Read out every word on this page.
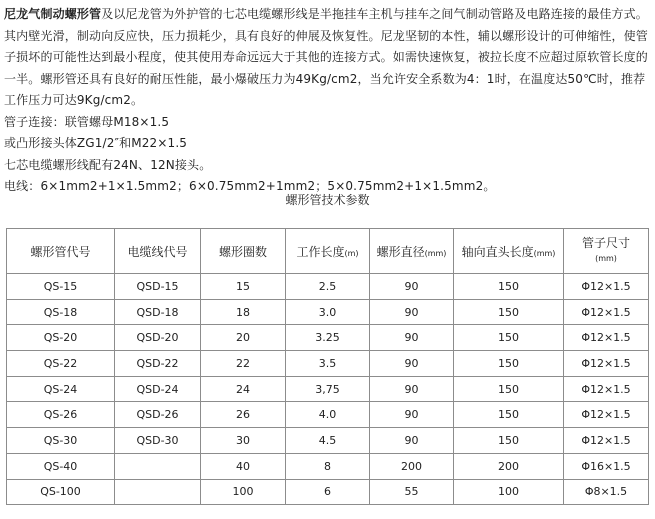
尼龙气制动螺形管及以尼龙管为外护管的七芯电缆螺形线是半拖挂车主机与挂车之间气制动管路及电路连接的最佳方式。其内壁光滑，制动向反应快，压力损耗少，具有良好的伸展及恢复性。尼龙坚韧的本性，辅以螺形设计的可伸缩性，使管子损坏的可能性达到最小程度，使其使用寿命远远大于其他的连接方式。如需快速恢复，被拉长度不应超过原软管长度的一半。螺形管还具有良好的耐压性能，最小爆破压力为49Kg/cm2，当允许安全系数为4：1时，在温度达50℃时，推荐工作压力可达9Kg/cm2。

管子连接：联管螺母M18×1.5

或凸形接头体ZG1/2″和M22×1.5

七芯电缆螺形线配有24N、12N接头。

电线：6×1mm2+1×1.5mm2；6×0.75mm2+1mm2；5×0.75mm2+1×1.5mm2。

螺形管技术参数
螺形管代号	电缆线代号	螺形圈数	工作长度(m)	螺形直径(mm)	轴向直头长度(mm)	管子尺寸
(mm)

QS-15	QSD-15	15	2.5	90	150	Φ12×1.5
QS-18	QSD-18	18	3.0	90	150	Φ12×1.5
QS-20	QSD-20	20	3.25	90	150	Φ12×1.5
QS-22	QSD-22	22	3.5	90	150	Φ12×1.5
QS-24	QSD-24	24	3,75	90	150	Φ12×1.5
QS-26	QSD-26	26	4.0	90	150	Φ12×1.5
QS-30	QSD-30	30	4.5	90	150	Φ12×1.5
QS-40		40	8	200	200	Φ16×1.5
QS-100		100	6	55	100	Φ8×1.5
